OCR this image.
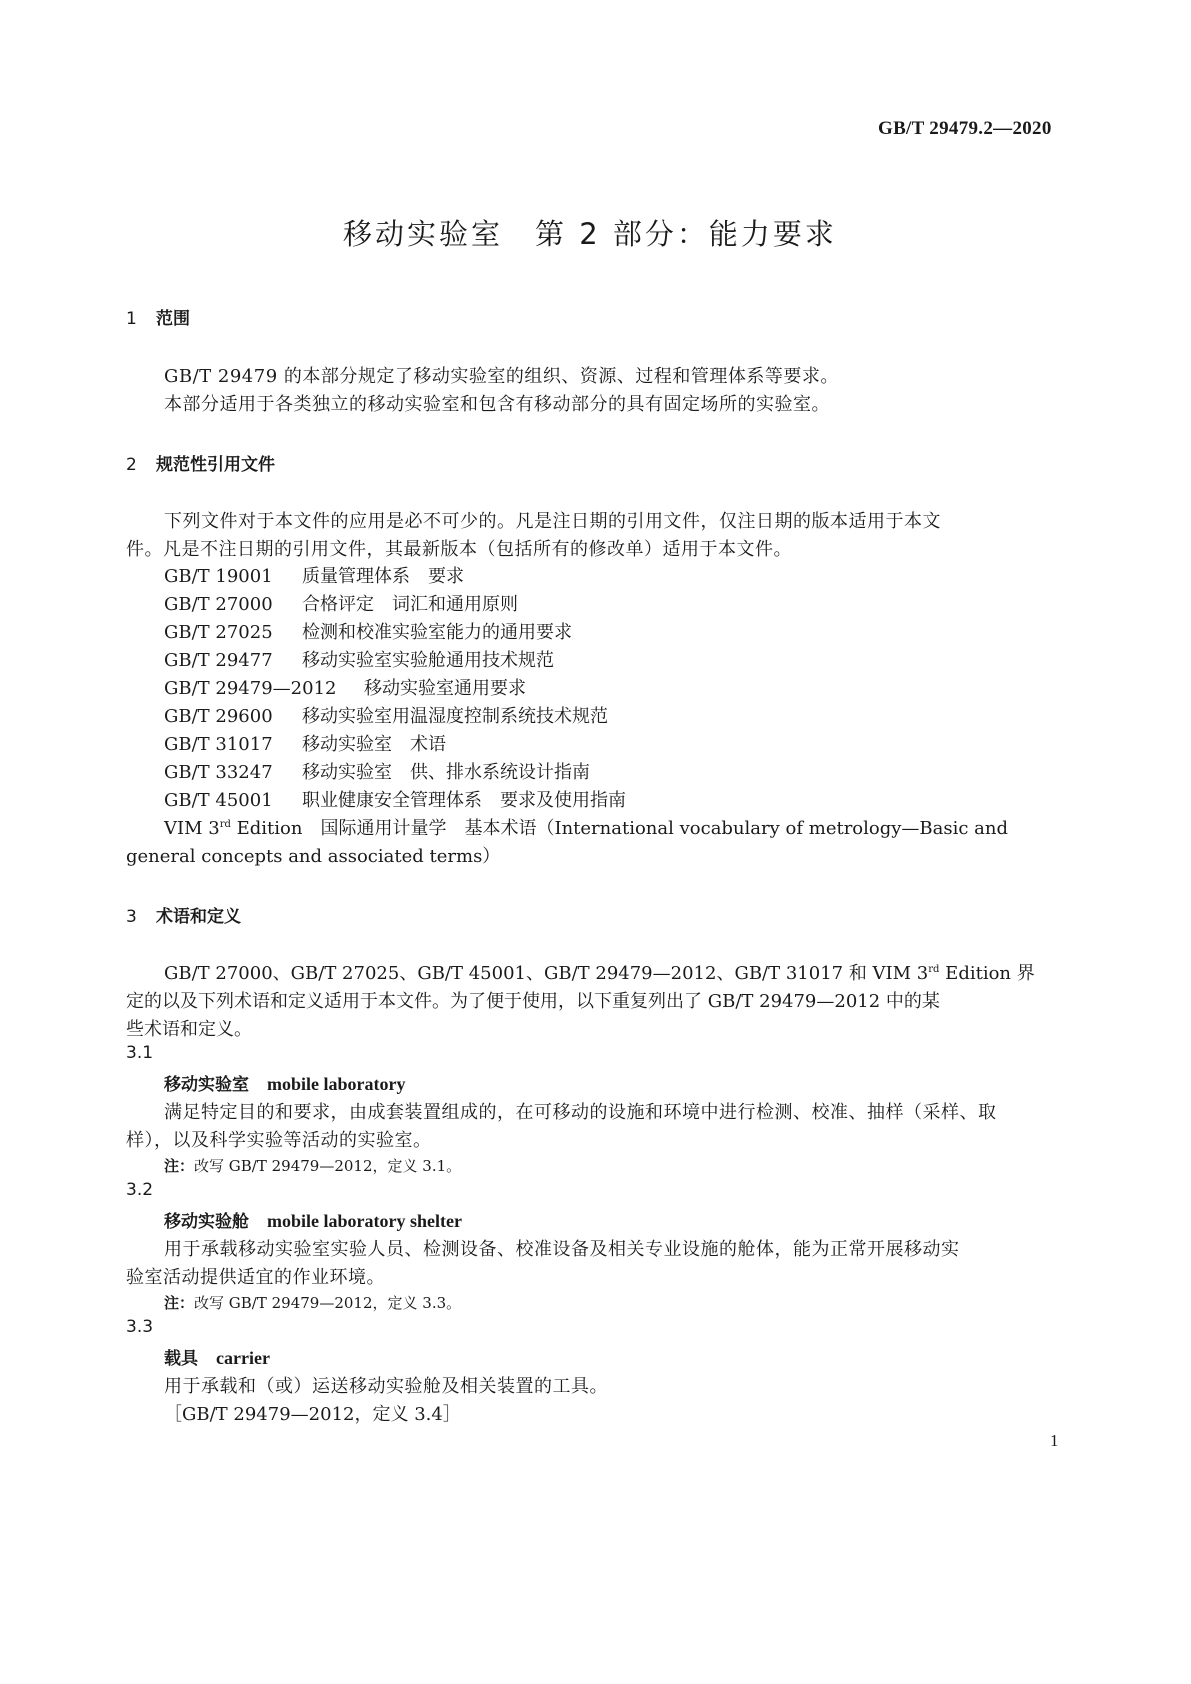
GB/T 29479.2—2020
移动实验室　第 2 部分：能力要求
1 范围
GB/T 29479 的本部分规定了移动实验室的组织、资源、过程和管理体系等要求。
本部分适用于各类独立的移动实验室和包含有移动部分的具有固定场所的实验室。
2 规范性引用文件
下列文件对于本文件的应用是必不可少的。凡是注日期的引用文件，仅注日期的版本适用于本文
件。凡是不注日期的引用文件，其最新版本（包括所有的修改单）适用于本文件。
GB/T 19001 质量管理体系　要求
GB/T 27000 合格评定　词汇和通用原则
GB/T 27025 检测和校准实验室能力的通用要求
GB/T 29477 移动实验室实验舱通用技术规范
GB/T 29479—2012 移动实验室通用要求
GB/T 29600 移动实验室用温湿度控制系统技术规范
GB/T 31017 移动实验室　术语
GB/T 33247 移动实验室　供、排水系统设计指南
GB/T 45001 职业健康安全管理体系　要求及使用指南
VIM 3rd Edition　国际通用计量学　基本术语（International vocabulary of metrology—Basic and
general concepts and associated terms）
3 术语和定义
GB/T 27000、GB/T 27025、GB/T 45001、GB/T 29479—2012、GB/T 31017 和 VIM 3rd Edition 界
定的以及下列术语和定义适用于本文件。为了便于使用，以下重复列出了 GB/T 29479—2012 中的某
些术语和定义。
3.1
移动实验室 mobile laboratory
满足特定目的和要求，由成套装置组成的，在可移动的设施和环境中进行检测、校准、抽样（采样、取
样），以及科学实验等活动的实验室。
注：改写 GB/T 29479—2012，定义 3.1。
3.2
移动实验舱 mobile laboratory shelter
用于承载移动实验室实验人员、检测设备、校准设备及相关专业设施的舱体，能为正常开展移动实
验室活动提供适宜的作业环境。
注：改写 GB/T 29479—2012，定义 3.3。
3.3
载具 carrier
用于承载和（或）运送移动实验舱及相关装置的工具。
［GB/T 29479—2012，定义 3.4］
1
